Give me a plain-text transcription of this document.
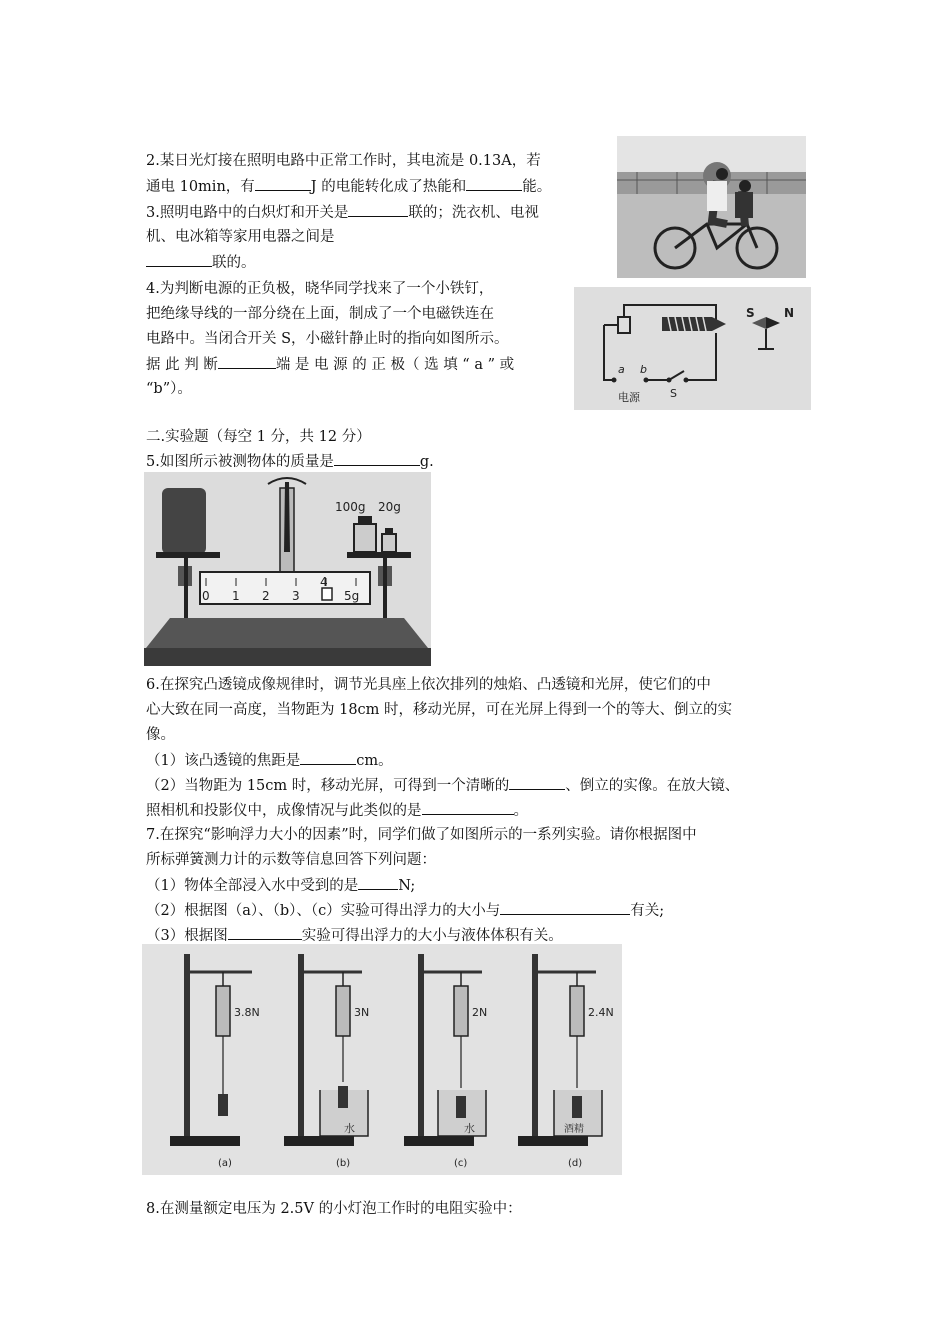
2.某日光灯接在照明电路中正常工作时，其电流是 0.13A，若
通电 10min，有	J 的电能转化成了热能和	能。
3.照明电路中的白炽灯和开关是	联的；洗衣机、电视
机、电冰箱等家用电器之间是
联的。
4.为判断电源的正负极，晓华同学找来了一个小铁钉，
把绝缘导线的一部分绕在上面，制成了一个电磁铁连在
电路中。当闭合开关 S，小磁针静止时的指向如图所示。
据 此 判 断	端 是 电 源 的 正 极（ 选 填 “ a ” 或
“b”）。
S N
a b
电源	S
二.实验题（每空 1 分，共 12 分）
5.如图所示被测物体的质量是	g.
100g 20g
0 1 2 3
4
5g
6.在探究凸透镜成像规律时，调节光具座上依次排列的烛焰、凸透镜和光屏，使它们的中
心大致在同一高度，当物距为 18cm 时，移动光屏，可在光屏上得到一个的等大、倒立的实
像。
（1）该凸透镜的焦距是	cm。
（2）当物距为 15cm 时，移动光屏，可得到一个清晰的	、倒立的实像。在放大镜、
照相机和投影仪中，成像情况与此类似的是	。
7.在探究“影响浮力大小的因素”时，同学们做了如图所示的一系列实验。请你根据图中
所标弹簧测力计的示数等信息回答下列问题：
（1）物体全部浸入水中受到的是	N;
（2）根据图（a）、（b）、（c）实验可得出浮力的大小与	有关;
（3）根据图	实验可得出浮力的大小与液体体积有关。
3.8N
(a)
3N
水
(b)
2N
水
(c)
2.4N
酒精
(d)
8.在测量额定电压为 2.5V 的小灯泡工作时的电阻实验中：
